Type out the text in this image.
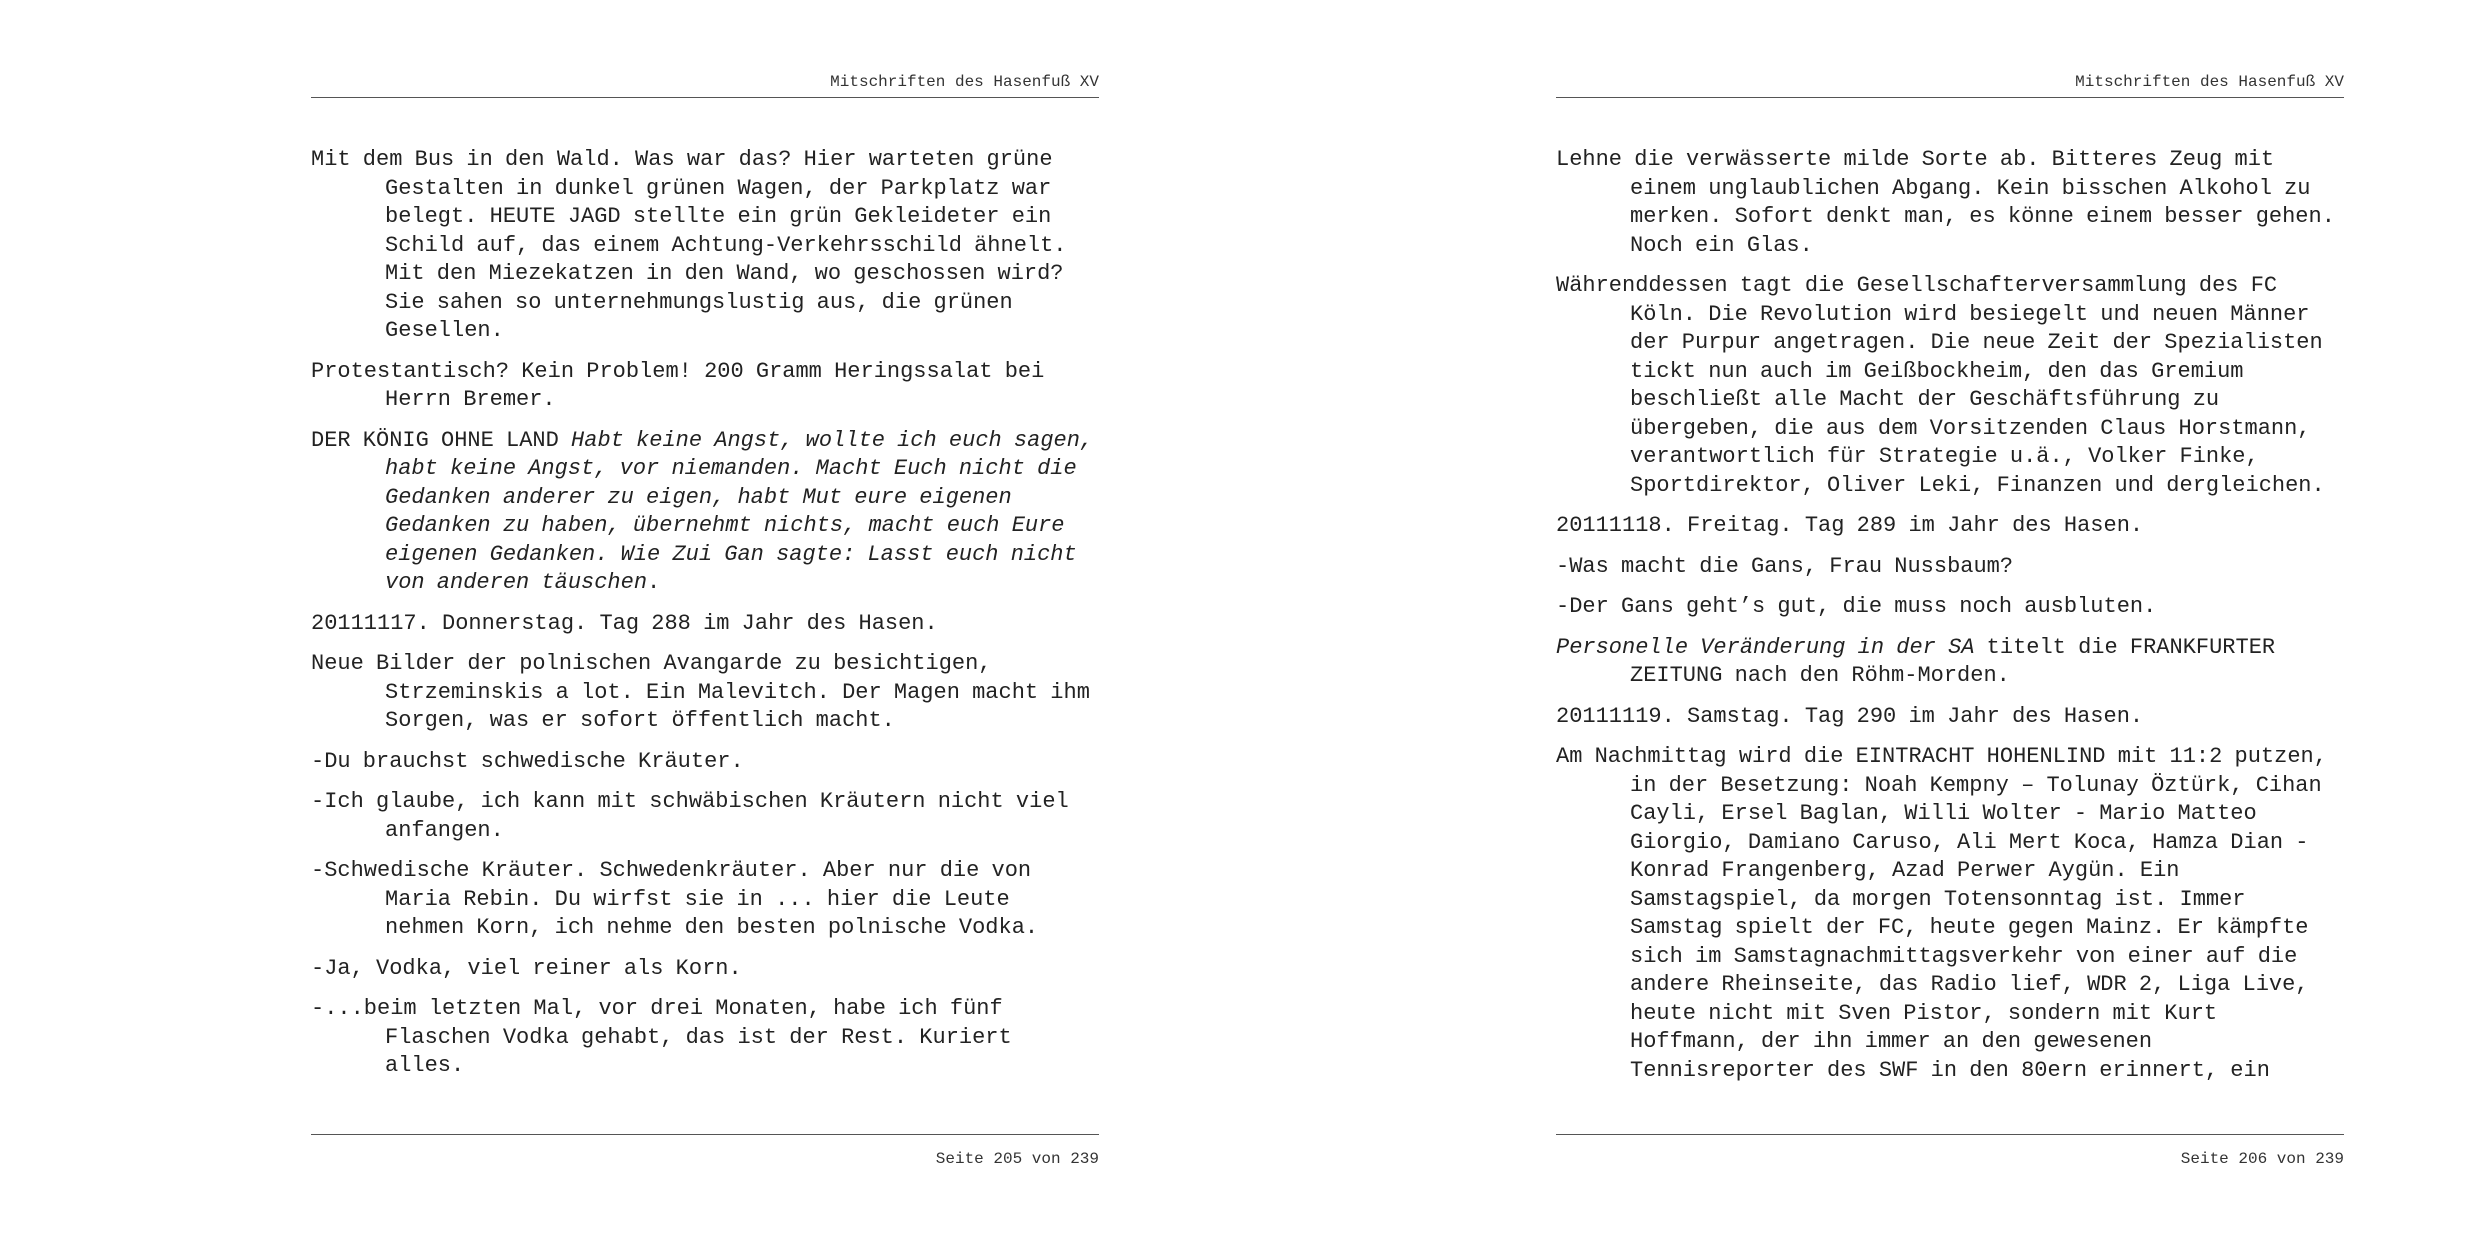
Mitschriften des Hasenfuß XV

Mit dem Bus in den Wald. Was war das? Hier warteten grüne Gestalten in dunkel grünen Wagen, der Parkplatz war belegt. HEUTE JAGD stellte ein grün Gekleideter ein Schild auf, das einem Achtung-Verkehrsschild ähnelt. Mit den Miezekatzen in den Wand, wo geschossen wird? Sie sahen so unternehmungslustig aus, die grünen Gesellen.

Protestantisch? Kein Problem! 200 Gramm Heringssalat bei Herrn Bremer.

DER KÖNIG OHNE LAND Habt keine Angst, wollte ich euch sagen, habt keine Angst, vor niemanden. Macht Euch nicht die Gedanken anderer zu eigen, habt Mut eure eigenen Gedanken zu haben, übernehmt nichts, macht euch Eure eigenen Gedanken. Wie Zui Gan sagte: Lasst euch nicht von anderen täuschen.

20111117. Donnerstag. Tag 288 im Jahr des Hasen.

Neue Bilder der polnischen Avangarde zu besichtigen, Strzeminskis a lot. Ein Malevitch. Der Magen macht ihm Sorgen, was er sofort öffentlich macht.

-Du brauchst schwedische Kräuter.

-Ich glaube, ich kann mit schwäbischen Kräutern nicht viel anfangen.

-Schwedische Kräuter. Schwedenkräuter. Aber nur die von Maria Rebin. Du wirfst sie in ... hier die Leute nehmen Korn, ich nehme den besten polnische Vodka.

-Ja, Vodka, viel reiner als Korn.

-...beim letzten Mal, vor drei Monaten, habe ich fünf Flaschen Vodka gehabt, das ist der Rest. Kuriert alles.

Seite 205 von 239
Mitschriften des Hasenfuß XV

Lehne die verwässerte milde Sorte ab. Bitteres Zeug mit einem unglaublichen Abgang. Kein bisschen Alkohol zu merken. Sofort denkt man, es könne einem besser gehen. Noch ein Glas.

Währenddessen tagt die Gesellschafterversammlung des FC Köln. Die Revolution wird besiegelt und neuen Männer der Purpur angetragen. Die neue Zeit der Spezialisten tickt nun auch im Geißbockheim, den das Gremium beschließt alle Macht der Geschäftsführung zu übergeben, die aus dem Vorsitzenden Claus Horstmann, verantwortlich für Strategie u.ä., Volker Finke, Sportdirektor, Oliver Leki, Finanzen und dergleichen.

20111118. Freitag. Tag 289 im Jahr des Hasen.

-Was macht die Gans, Frau Nussbaum?

-Der Gans geht’s gut, die muss noch ausbluten.

Personelle Veränderung in der SA titelt die FRANKFURTER ZEITUNG nach den Röhm-Morden.

20111119. Samstag. Tag 290 im Jahr des Hasen.

Am Nachmittag wird die EINTRACHT HOHENLIND mit 11:2 putzen, in der Besetzung: Noah Kempny – Tolunay Öztürk, Cihan Cayli, Ersel Baglan, Willi Wolter - Mario Matteo Giorgio, Damiano Caruso, Ali Mert Koca, Hamza Dian - Konrad Frangenberg, Azad Perwer Aygün. Ein Samstagspiel, da morgen Totensonntag ist. Immer Samstag spielt der FC, heute gegen Mainz. Er kämpfte sich im Samstagnachmittagsverkehr von einer auf die andere Rheinseite, das Radio lief, WDR 2, Liga Live, heute nicht mit Sven Pistor, sondern mit Kurt Hoffmann, der ihn immer an den gewesenen Tennisreporter des SWF in den 80ern erinnert, ein

Seite 206 von 239
